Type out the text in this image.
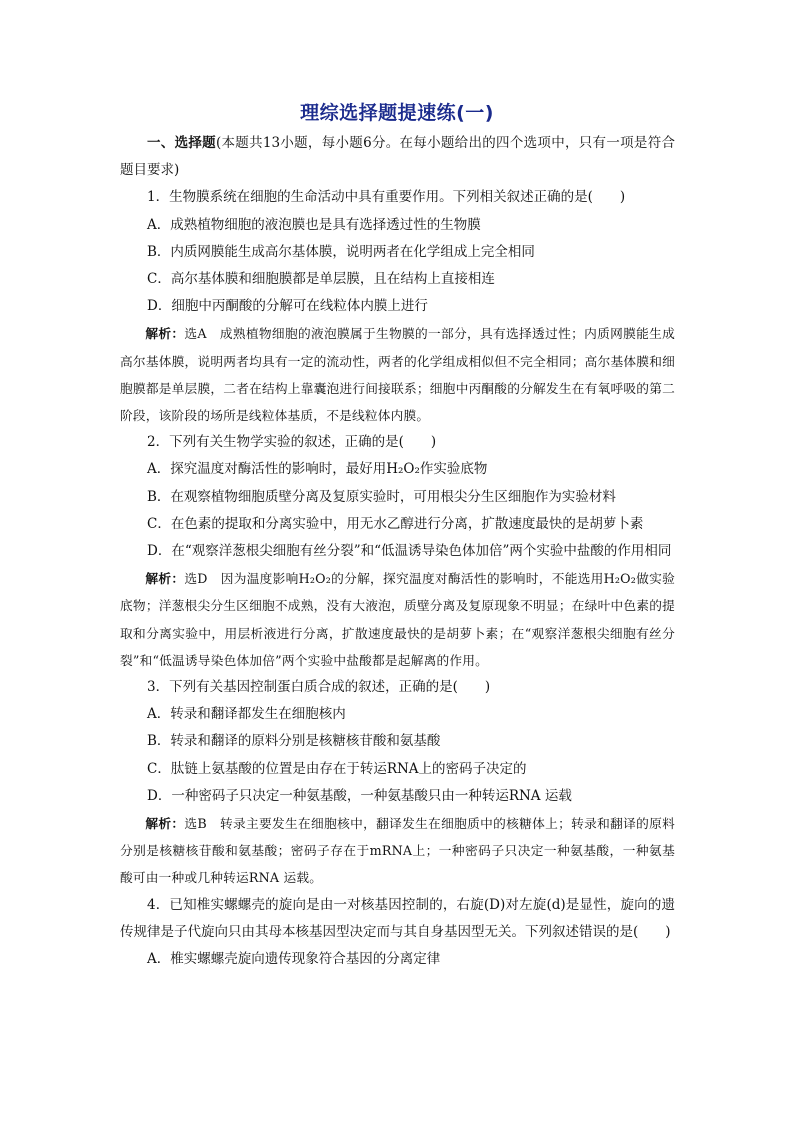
理综选择题提速练(一)

一、选择题(本题共13小题，每小题6分。在每小题给出的四个选项中，只有一项是符合题目要求)

1．生物膜系统在细胞的生命活动中具有重要作用。下列相关叙述正确的是(　　)

A．成熟植物细胞的液泡膜也是具有选择透过性的生物膜

B．内质网膜能生成高尔基体膜，说明两者在化学组成上完全相同

C．高尔基体膜和细胞膜都是单层膜，且在结构上直接相连

D．细胞中丙酮酸的分解可在线粒体内膜上进行

解析：选A　成熟植物细胞的液泡膜属于生物膜的一部分，具有选择透过性；内质网膜能生成高尔基体膜，说明两者均具有一定的流动性，两者的化学组成相似但不完全相同；高尔基体膜和细胞膜都是单层膜，二者在结构上靠囊泡进行间接联系；细胞中丙酮酸的分解发生在有氧呼吸的第二阶段，该阶段的场所是线粒体基质，不是线粒体内膜。

2．下列有关生物学实验的叙述，正确的是(　　)

A．探究温度对酶活性的影响时，最好用H₂O₂作实验底物

B．在观察植物细胞质壁分离及复原实验时，可用根尖分生区细胞作为实验材料

C．在色素的提取和分离实验中，用无水乙醇进行分离，扩散速度最快的是胡萝卜素

D．在“观察洋葱根尖细胞有丝分裂”和“低温诱导染色体加倍”两个实验中盐酸的作用相同

解析：选D　因为温度影响H₂O₂的分解，探究温度对酶活性的影响时，不能选用H₂O₂做实验底物；洋葱根尖分生区细胞不成熟，没有大液泡，质壁分离及复原现象不明显；在绿叶中色素的提取和分离实验中，用层析液进行分离，扩散速度最快的是胡萝卜素；在“观察洋葱根尖细胞有丝分裂”和“低温诱导染色体加倍”两个实验中盐酸都是起解离的作用。

3．下列有关基因控制蛋白质合成的叙述，正确的是(　　)

A．转录和翻译都发生在细胞核内

B．转录和翻译的原料分别是核糖核苷酸和氨基酸

C．肽链上氨基酸的位置是由存在于转运RNA上的密码子决定的

D．一种密码子只决定一种氨基酸，一种氨基酸只由一种转运RNA 运载

解析：选B　转录主要发生在细胞核中，翻译发生在细胞质中的核糖体上；转录和翻译的原料分别是核糖核苷酸和氨基酸；密码子存在于mRNA上；一种密码子只决定一种氨基酸，一种氨基酸可由一种或几种转运RNA 运载。

4．已知椎实螺螺壳的旋向是由一对核基因控制的，右旋(D)对左旋(d)是显性，旋向的遗传规律是子代旋向只由其母本核基因型决定而与其自身基因型无关。下列叙述错误的是(　　)

A．椎实螺螺壳旋向遗传现象符合基因的分离定律
